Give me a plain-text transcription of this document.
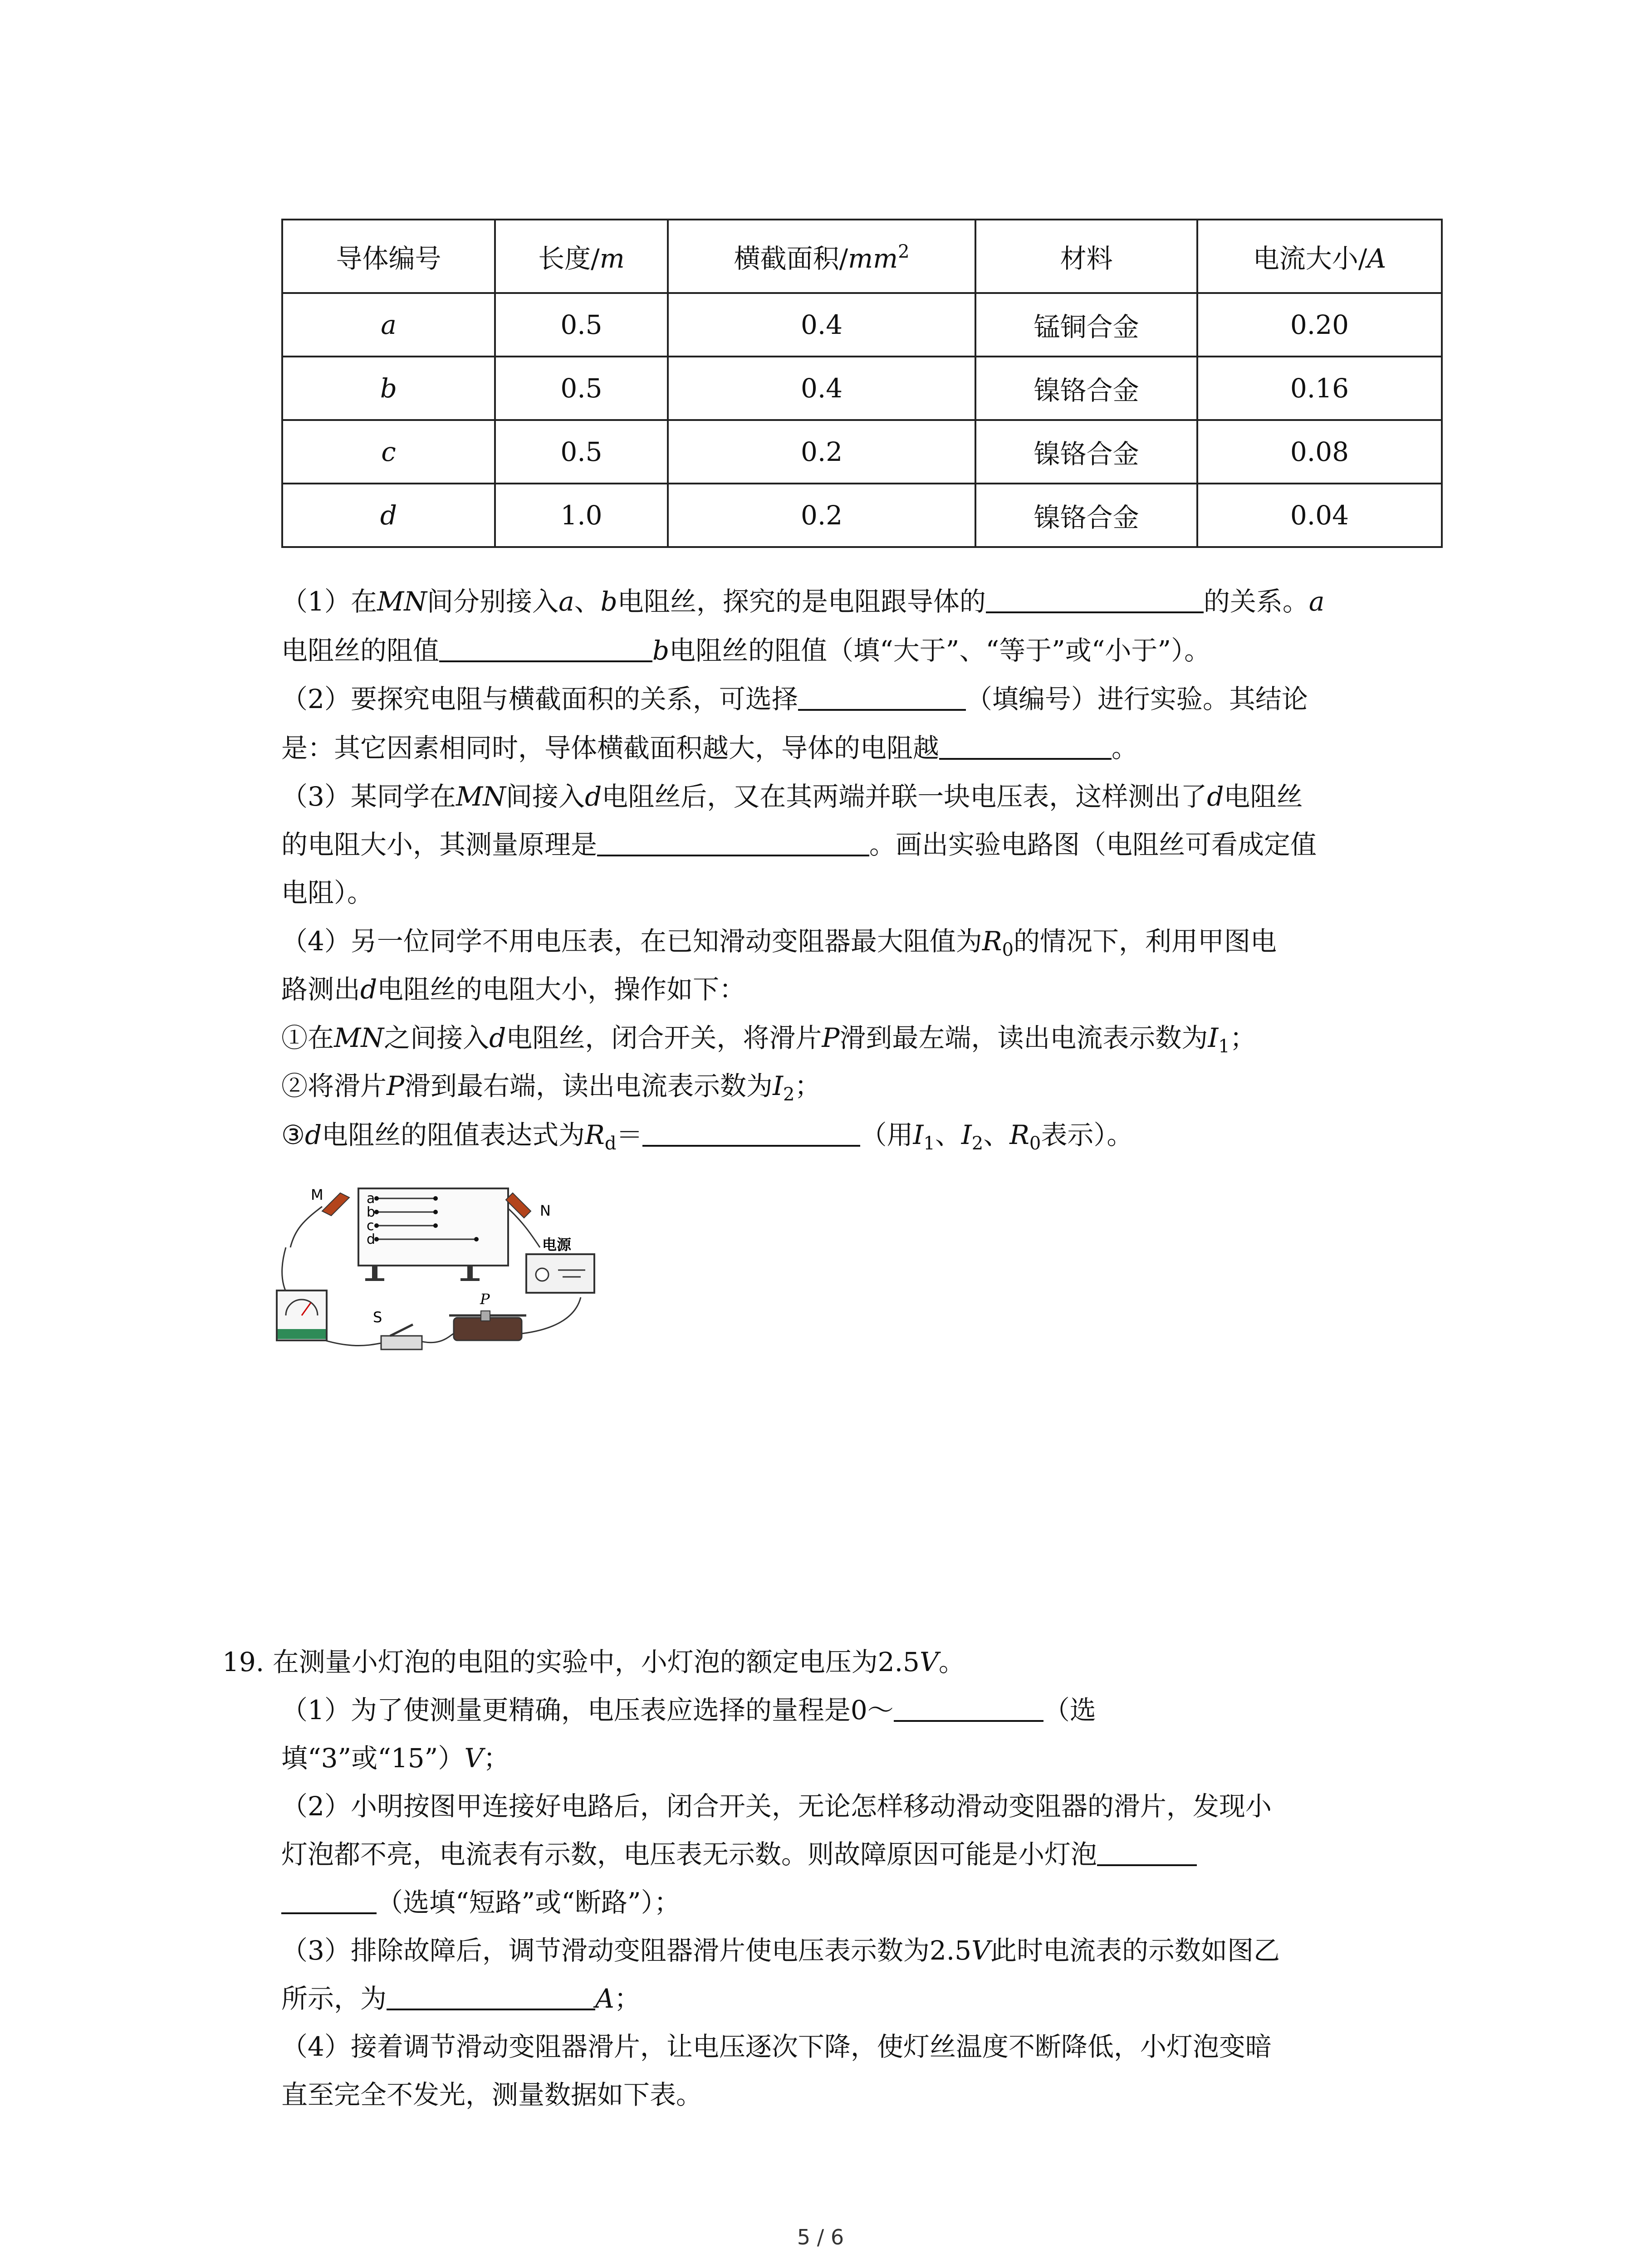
导体编号	长度/m	横截面积$/mm^2$	材料	电流大小/A
a	0.5	0.4	锰铜合金	0.20
b	0.5	0.4	镍铬合金	0.16
c	0.5	0.2	镍铬合金	0.08
d	1.0	0.2	镍铬合金	0.04
（1）在MN间分别接入a、b电阻丝，探究的是电阻跟导体的	的关系。a
电阻丝的阻值	b电阻丝的阻值（填“大于”、“等于”或“小于”）。
（2）要探究电阻与横截面积的关系，可选择	（填编号）进行实验。其结论
是：其它因素相同时，导体横截面积越大，导体的电阻越	。
（3）某同学在MN间接入d电阻丝后，又在其两端并联一块电压表，这样测出了d电阻丝
的电阻大小，其测量原理是	。画出实验电路图（电阻丝可看成定值
电阻）。
（4）另一位同学不用电压表，在已知滑动变阻器最大阻值为$R_0$的情况下，利用甲图电
路测出d电阻丝的电阻大小，操作如下：
①在MN之间接入d电阻丝，闭合开关，将滑片P滑到最左端，读出电流表示数为$I_1$；
②将滑片P滑到最右端，读出电流表示数为$I_2$；
③d电阻丝的阻值表达式为$R_d=$	（用$I_1$、$I_2$、$R_0$表示）。
a
b
c
d
M
N
电源
S
P
19. 在测量小灯泡的电阻的实验中，小灯泡的额定电压为2.5V。
（1）为了使测量更精确，电压表应选择的量程是0～	（选
填“3”或“15”）V；
（2）小明按图甲连接好电路后，闭合开关，无论怎样移动滑动变阻器的滑片，发现小
灯泡都不亮，电流表有示数，电压表无示数。则故障原因可能是小灯泡
（选填“短路”或“断路”）；
（3）排除故障后，调节滑动变阻器滑片使电压表示数为2.5V此时电流表的示数如图乙
所示，为	A；
（4）接着调节滑动变阻器滑片，让电压逐次下降，使灯丝温度不断降低，小灯泡变暗
直至完全不发光，测量数据如下表。
5 / 6
